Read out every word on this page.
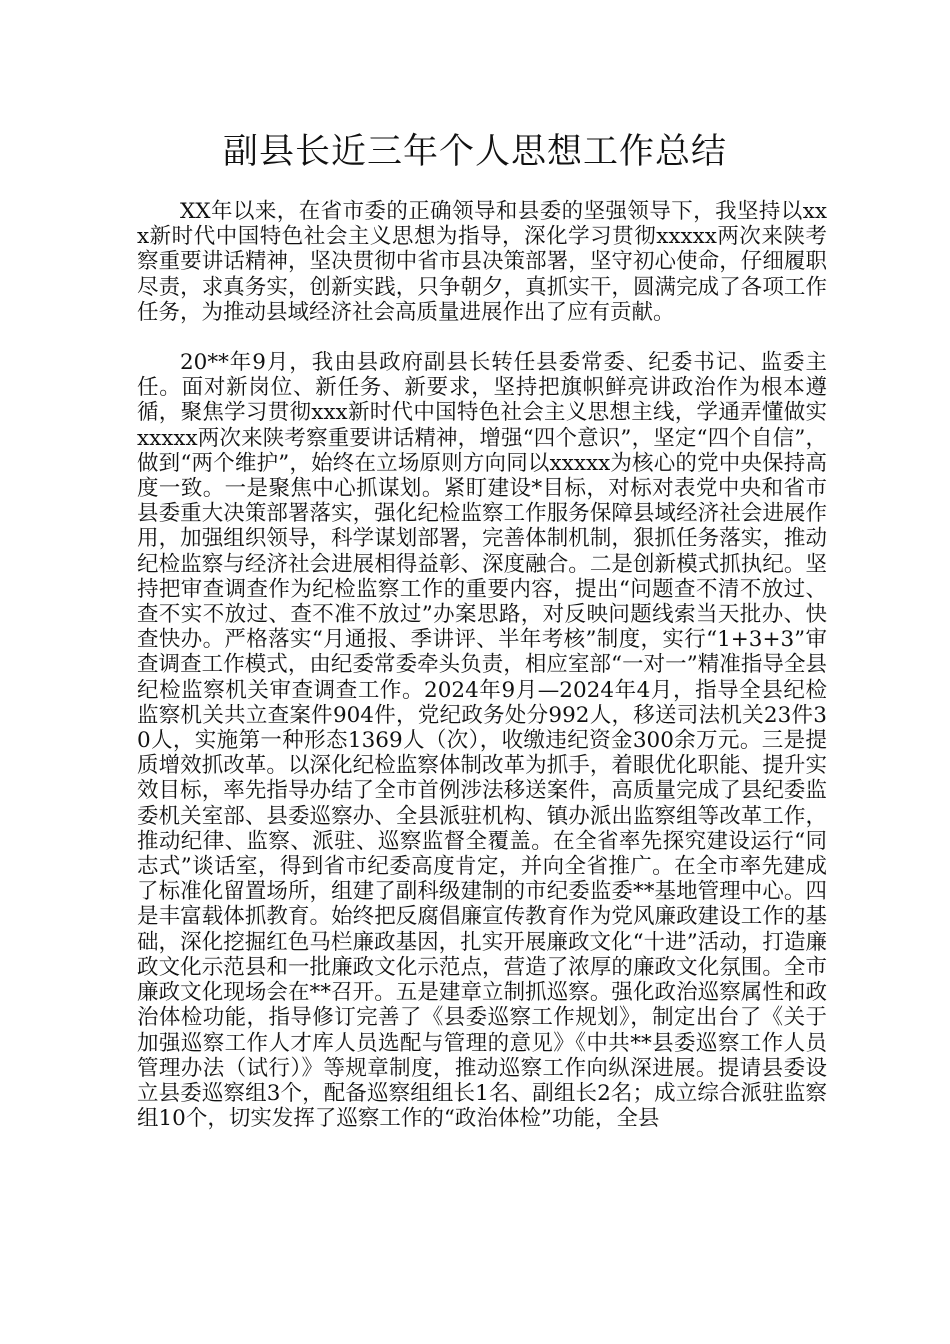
副县长近三年个人思想工作总结

XX年以来，在省市委的正确领导和县委的坚强领导下，我坚持以xxx新时代中国特色社会主义思想为指导，深化学习贯彻xxxxx两次来陕考察重要讲话精神，坚决贯彻中省市县决策部署，坚守初心使命，仔细履职尽责，求真务实，创新实践，只争朝夕，真抓实干，圆满完成了各项工作任务，为推动县域经济社会高质量进展作出了应有贡献。

20**年9月，我由县政府副县长转任县委常委、纪委书记、监委主任。面对新岗位、新任务、新要求，坚持把旗帜鲜亮讲政治作为根本遵循，聚焦学习贯彻xxx新时代中国特色社会主义思想主线，学通弄懂做实xxxxx两次来陕考察重要讲话精神，增强“四个意识”，坚定“四个自信”，做到“两个维护”，始终在立场原则方向同以xxxxx为核心的党中央保持高度一致。一是聚焦中心抓谋划。紧盯建设*目标，对标对表党中央和省市县委重大决策部署落实，强化纪检监察工作服务保障县域经济社会进展作用，加强组织领导，科学谋划部署，完善体制机制，狠抓任务落实，推动纪检监察与经济社会进展相得益彰、深度融合。二是创新模式抓执纪。坚持把审查调查作为纪检监察工作的重要内容，提出“问题查不清不放过、查不实不放过、查不准不放过”办案思路，对反映问题线索当天批办、快查快办。严格落实“月通报、季讲评、半年考核”制度，实行“1+3+3”审查调查工作模式，由纪委常委牵头负责，相应室部“一对一”精准指导全县纪检监察机关审查调查工作。2024年9月—2024年4月，指导全县纪检监察机关共立查案件904件，党纪政务处分992人，移送司法机关23件30人，实施第一种形态1369人（次），收缴违纪资金300余万元。三是提质增效抓改革。以深化纪检监察体制改革为抓手，着眼优化职能、提升实效目标，率先指导办结了全市首例涉法移送案件，高质量完成了县纪委监委机关室部、县委巡察办、全县派驻机构、镇办派出监察组等改革工作，推动纪律、监察、派驻、巡察监督全覆盖。在全省率先探究建设运行“同志式”谈话室，得到省市纪委高度肯定，并向全省推广。在全市率先建成了标准化留置场所，组建了副科级建制的市纪委监委**基地管理中心。四是丰富载体抓教育。始终把反腐倡廉宣传教育作为党风廉政建设工作的基础，深化挖掘红色马栏廉政基因，扎实开展廉政文化“十进”活动，打造廉政文化示范县和一批廉政文化示范点，营造了浓厚的廉政文化氛围。全市廉政文化现场会在**召开。五是建章立制抓巡察。强化政治巡察属性和政治体检功能，指导修订完善了《县委巡察工作规划》，制定出台了《关于加强巡察工作人才库人员选配与管理的意见》《中共**县委巡察工作人员管理办法（试行）》等规章制度，推动巡察工作向纵深进展。提请县委设立县委巡察组3个，配备巡察组组长1名、副组长2名；成立综合派驻监察组10个，切实发挥了巡察工作的“政治体检”功能，全县
